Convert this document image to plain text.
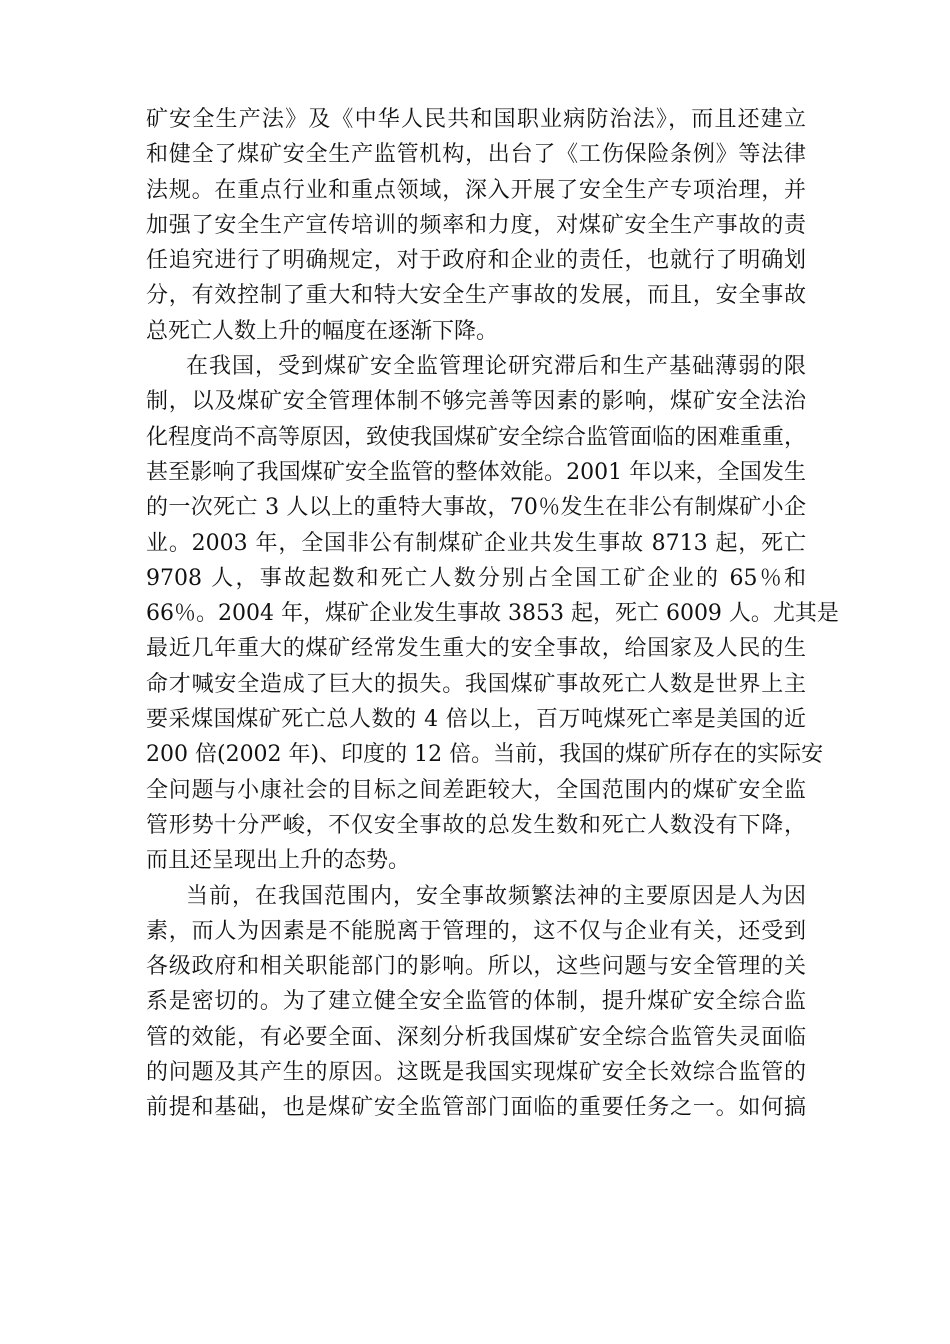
矿安全生产法》及《中华人民共和国职业病防治法》，而且还建立
和健全了煤矿安全生产监管机构，出台了《工伤保险条例》等法律
法规。在重点行业和重点领域，深入开展了安全生产专项治理，并
加强了安全生产宣传培训的频率和力度，对煤矿安全生产事故的责
任追究进行了明确规定，对于政府和企业的责任，也就行了明确划
分，有效控制了重大和特大安全生产事故的发展，而且，安全事故
总死亡人数上升的幅度在逐渐下降。
在我国，受到煤矿安全监管理论研究滞后和生产基础薄弱的限
制，以及煤矿安全管理体制不够完善等因素的影响，煤矿安全法治
化程度尚不高等原因，致使我国煤矿安全综合监管面临的困难重重，
甚至影响了我国煤矿安全监管的整体效能。2001 年以来，全国发生
的一次死亡 3 人以上的重特大事故，70％发生在非公有制煤矿小企
业。2003 年，全国非公有制煤矿企业共发生事故 8713 起，死亡
9708 人，事故起数和死亡人数分别占全国工矿企业的 65％和
66％。2004 年，煤矿企业发生事故 3853 起，死亡 6009 人。尤其是
最近几年重大的煤矿经常发生重大的安全事故，给国家及人民的生
命才喊安全造成了巨大的损失。我国煤矿事故死亡人数是世界上主
要采煤国煤矿死亡总人数的 4 倍以上，百万吨煤死亡率是美国的近
200 倍(2002 年)、印度的 12 倍。当前，我国的煤矿所存在的实际安
全问题与小康社会的目标之间差距较大，全国范围内的煤矿安全监
管形势十分严峻，不仅安全事故的总发生数和死亡人数没有下降，
而且还呈现出上升的态势。
当前，在我国范围内，安全事故频繁法神的主要原因是人为因
素，而人为因素是不能脱离于管理的，这不仅与企业有关，还受到
各级政府和相关职能部门的影响。所以，这些问题与安全管理的关
系是密切的。为了建立健全安全监管的体制，提升煤矿安全综合监
管的效能，有必要全面、深刻分析我国煤矿安全综合监管失灵面临
的问题及其产生的原因。这既是我国实现煤矿安全长效综合监管的
前提和基础，也是煤矿安全监管部门面临的重要任务之一。如何搞
